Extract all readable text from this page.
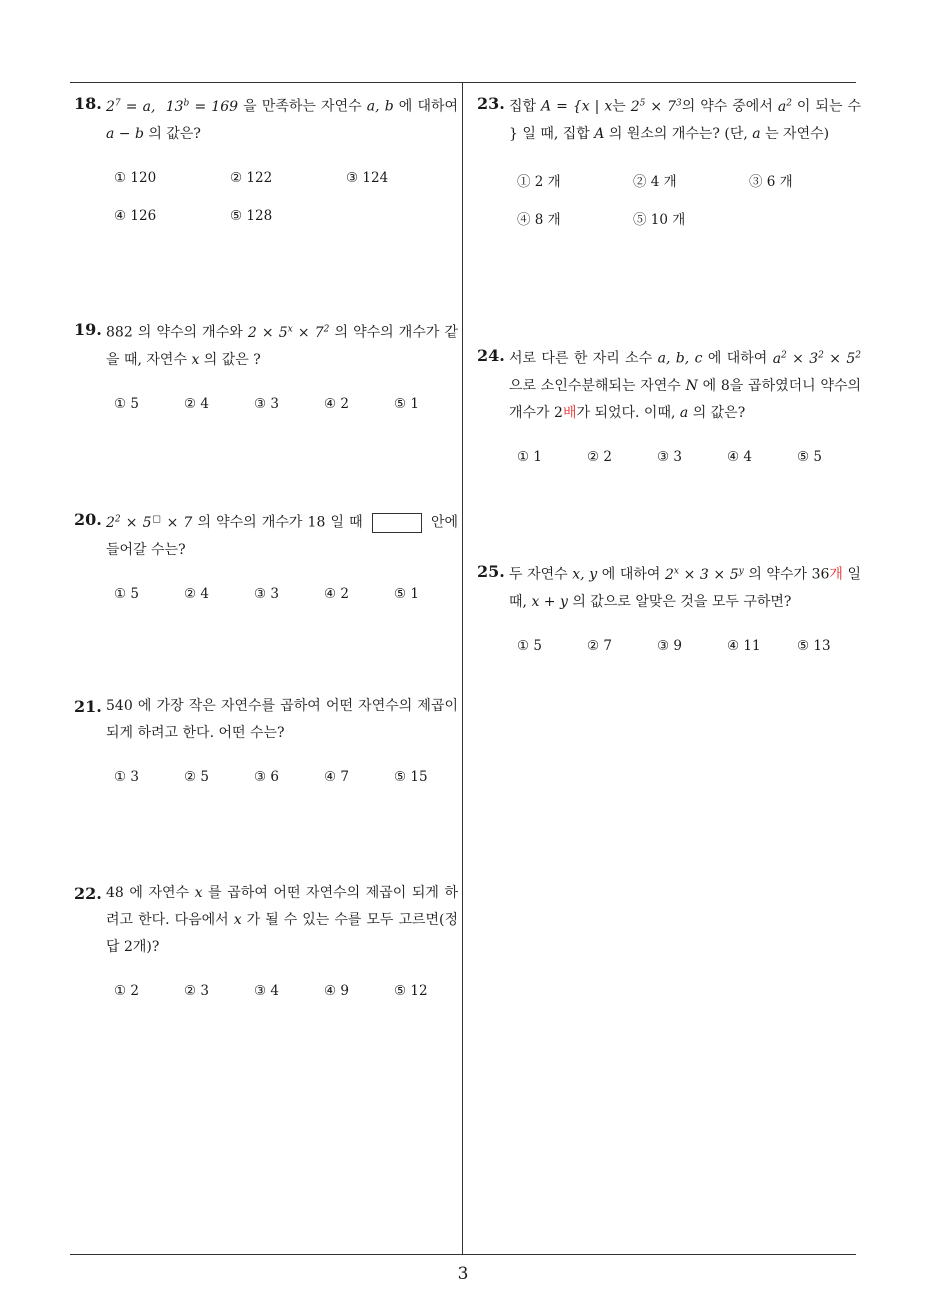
18. $2^7 = a$, $13^b = 169$ 을 만족하는 자연수 a, b 에 대하여 a − b 의 값은?
① 120	② 122	③ 124
④ 126	⑤ 128
19. 882 의 약수의 개수와 $2 \times 5^x \times 7^2$ 의 약수의 개수가 같을 때, 자연수 x 의 값은 ?
① 5	② 4	③ 3	④ 2	⑤ 1
20. $2^2 \times 5^□ \times 7$ 의 약수의 개수가 18 일 때	안에 들어갈 수는?
① 5	② 4	③ 3	④ 2	⑤ 1
21. 540 에 가장 작은 자연수를 곱하여 어떤 자연수의 제곱이 되게 하려고 한다. 어떤 수는?
① 3	② 5	③ 6	④ 7	⑤ 15
22. 48 에 자연수 x 를 곱하여 어떤 자연수의 제곱이 되게 하려고 한다. 다음에서 x 가 될 수 있는 수를 모두 고르면(정답 2개)?
① 2	② 3	③ 4	④ 9	⑤ 12
23. 집합 A = {x | x는 $2^5 \times 7^3$의 약수 중에서 $a^2$ 이 되는 수 } 일 때, 집합 A 의 원소의 개수는? (단, a 는 자연수)
① 2 개	② 4 개	③ 6 개
④ 8 개	⑤ 10 개
24. 서로 다른 한 자리 소수 a, b, c 에 대하여 $a^2 \times 3^2 \times 5^2$ 으로 소인수분해되는 자연수 N 에 8을 곱하였더니 약수의 개수가 2배가 되었다. 이때, a 의 값은?
① 1	② 2	③ 3	④ 4	⑤ 5
25. 두 자연수 x, y 에 대하여 $2^x \times 3 \times 5^y$ 의 약수가 36개 일 때, x + y 의 값으로 알맞은 것을 모두 구하면?
① 5	② 7	③ 9	④ 11	⑤ 13
3
